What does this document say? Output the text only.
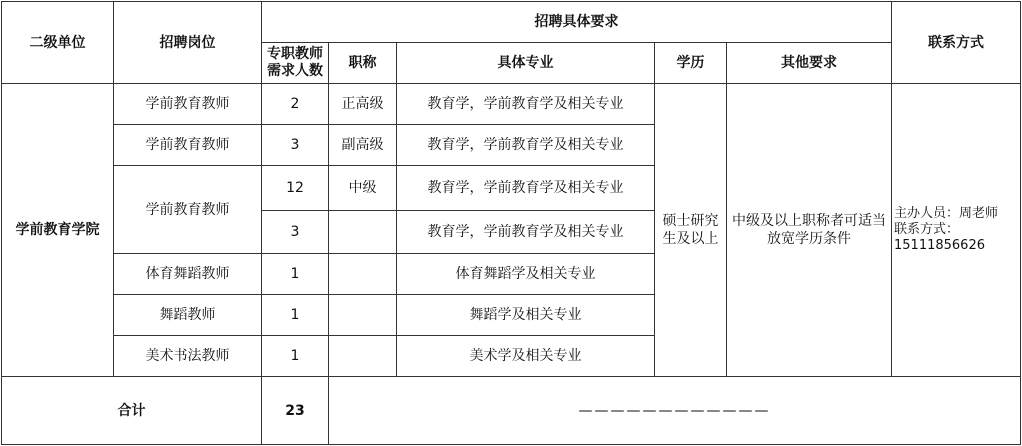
二级单位	招聘岗位	招聘具体要求					联系方式
		专职教师需求人数	职称	具体专业	学历	其他要求	
学前教育学院	学前教育教师	2	正高级	教育学，学前教育学及相关专业	硕士研究生及以上	中级及以上职称者可适当放宽学历条件	主办人员：周老师
联系方式：
15111856626

	学前教育教师	3	副高级	教育学，学前教育学及相关专业			
	学前教育教师	12	中级	教育学，学前教育学及相关专业			
		3		教育学，学前教育学及相关专业			
	体育舞蹈教师	1		体育舞蹈学及相关专业			
	舞蹈教师	1		舞蹈学及相关专业			
	美术书法教师	1		美术学及相关专业			
合计		23	————————————				
